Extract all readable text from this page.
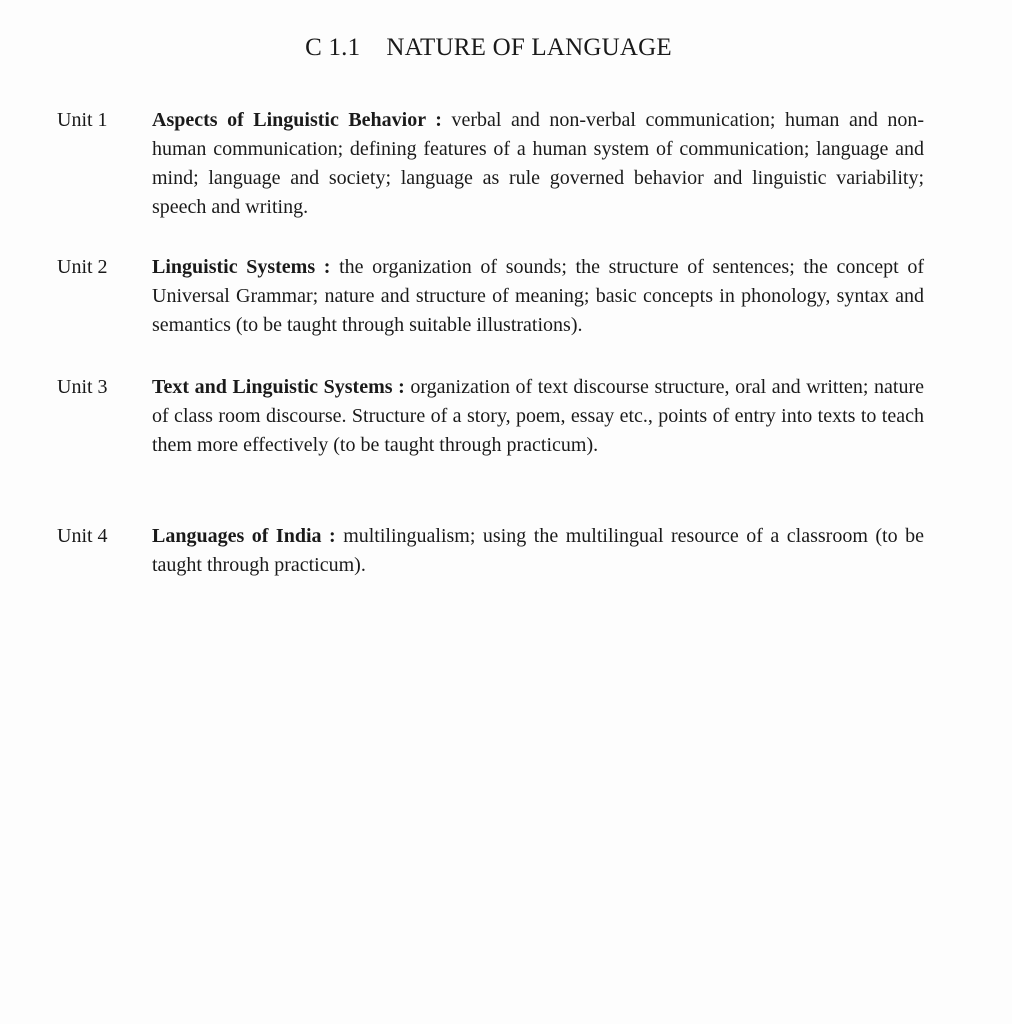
C 1.1 NATURE OF LANGUAGE
Unit 1	Aspects of Linguistic Behavior : verbal and non-verbal communication; human and non-human communication; defining features of a human system of communication; language and mind; language and society; language as rule governed behavior and linguistic variability; speech and writing.
Unit 2	Linguistic Systems : the organization of sounds; the structure of sentences; the concept of Universal Grammar; nature and structure of meaning; basic concepts in phonology, syntax and semantics (to be taught through suitable illustrations).
Unit 3	Text and Linguistic Systems : organization of text discourse structure, oral and written; nature of class room discourse. Structure of a story, poem, essay etc., points of entry into texts to teach them more effectively (to be taught through practicum).
Unit 4	Languages of India : multilingualism; using the multilingual resource of a classroom (to be taught through practicum).
